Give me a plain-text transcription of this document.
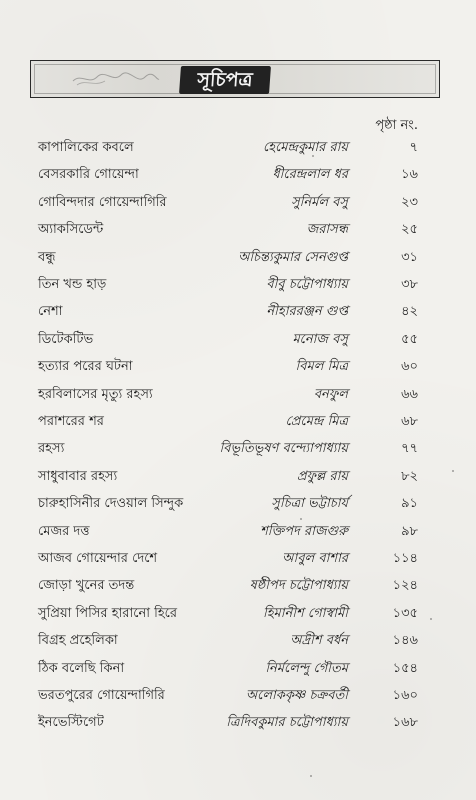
সূচিপত্র
পৃষ্ঠা নং.
কাপালিকের কবলে	হেমেন্দ্রকুমার রায়	৭
বেসরকারি গোয়েন্দা	ধীরেন্দ্রলাল ধর	১৬
গোবিন্দদার গোয়েন্দাগিরি	সুনির্মল বসু	২৩
অ্যাকসিডেন্ট	জরাসন্ধ	২৫
বন্ধু	অচিন্ত্যকুমার সেনগুপ্ত	৩১
তিন খন্ড হাড়	বীবু চট্টোপাধ্যায়	৩৮
নেশা	নীহাররঞ্জন গুপ্ত	৪২
ডিটেকটিভ	মনোজ বসু	৫৫
হত্যার পরের ঘটনা	বিমল মিত্র	৬০
হরবিলাসের মৃত্যু রহস্য	বনফুল	৬৬
পরাশরের শর	প্রেমেন্দ্র মিত্র	৬৮
রহস্য	বিভূতিভূষণ বন্দ্যোপাধ্যায়	৭৭
সাধুবাবার রহস্য	প্রফুল্ল রায়	৮২
চারুহাসিনীর দেওয়াল সিন্দুক	সুচিত্রা ভট্টাচার্য	৯১
মেজর দত্ত	শক্তিপদ রাজগুরু	৯৮
আজব গোয়েন্দার দেশে	আবুল বাশার	১১৪
জোড়া খুনের তদন্ত	ষষ্ঠীপদ চট্টোপাধ্যায়	১২৪
সুপ্রিয়া পিসির হারানো হিরে	হিমানীশ গোস্বামী	১৩৫
বিগ্রহ প্রহেলিকা	অদ্রীশ বর্ধন	১৪৬
ঠিক বলেছি কিনা	নির্মলেন্দু গৌতম	১৫৪
ভরতপুরের গোয়েন্দাগিরি	অলোককৃষ্ণ চক্রবর্তী	১৬০
ইনভেস্টিগেট	ত্রিদিবকুমার চট্টোপাধ্যায়	১৬৮
